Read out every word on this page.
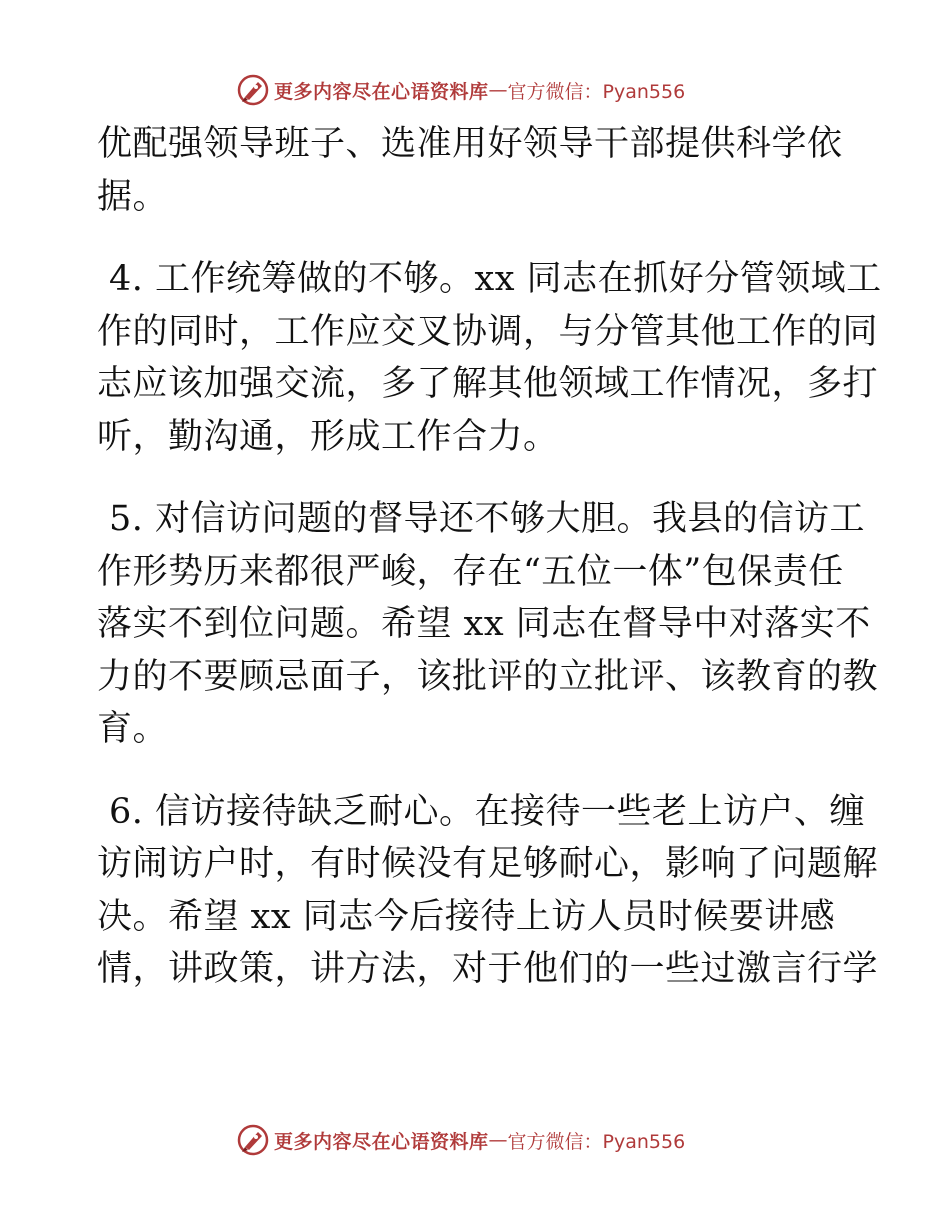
更多内容尽在心语资料库 — 官方微信：Pyan556

优配强领导班子、选准用好领导干部提供科学依
据。

4. 工作统筹做的不够。xx 同志在抓好分管领域工
作的同时，工作应交叉协调，与分管其他工作的同
志应该加强交流，多了解其他领域工作情况，多打
听，勤沟通，形成工作合力。

5. 对信访问题的督导还不够大胆。我县的信访工
作形势历来都很严峻，存在“五位一体”包保责任
落实不到位问题。希望 xx 同志在督导中对落实不
力的不要顾忌面子，该批评的立批评、该教育的教
育。

6. 信访接待缺乏耐心。在接待一些老上访户、缠
访闹访户时，有时候没有足够耐心，影响了问题解
决。希望 xx 同志今后接待上访人员时候要讲感
情，讲政策，讲方法，对于他们的一些过激言行学

更多内容尽在心语资料库 — 官方微信：Pyan556
